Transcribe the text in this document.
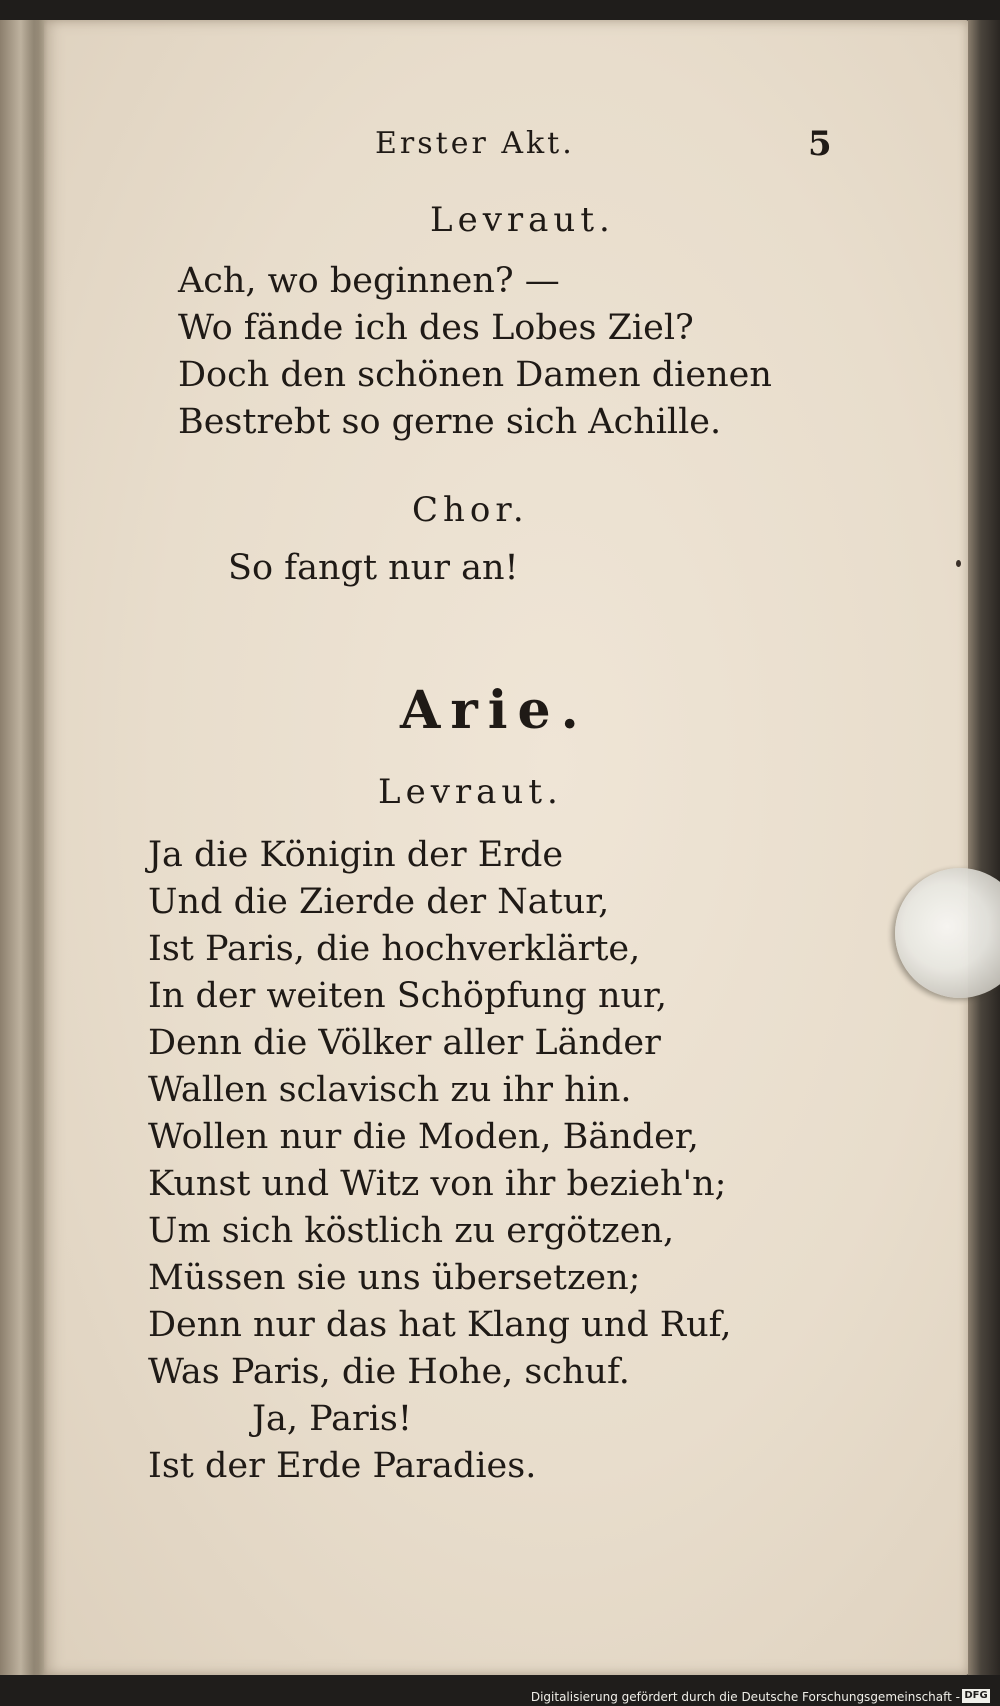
Erster Akt.	5
Levraut.
Ach, wo beginnen? —
Wo fände ich des Lobes Ziel?
Doch den schönen Damen dienen
Bestrebt so gerne sich Achille.
Chor.
So fangt nur an!
Arie.
Levraut.
Ja die Königin der Erde
Und die Zierde der Natur,
Ist Paris, die hochverklärte,
In der weiten Schöpfung nur,
Denn die Völker aller Länder
Wallen sclavisch zu ihr hin.
Wollen nur die Moden, Bänder,
Kunst und Witz von ihr bezieh'n;
Um sich köstlich zu ergötzen,
Müssen sie uns übersetzen;
Denn nur das hat Klang und Ruf,
Was Paris, die Hohe, schuf.
Ja, Paris!
Ist der Erde Paradies.
Digitalisierung gefördert durch die Deutsche Forschungsgemeinschaft - DFG
